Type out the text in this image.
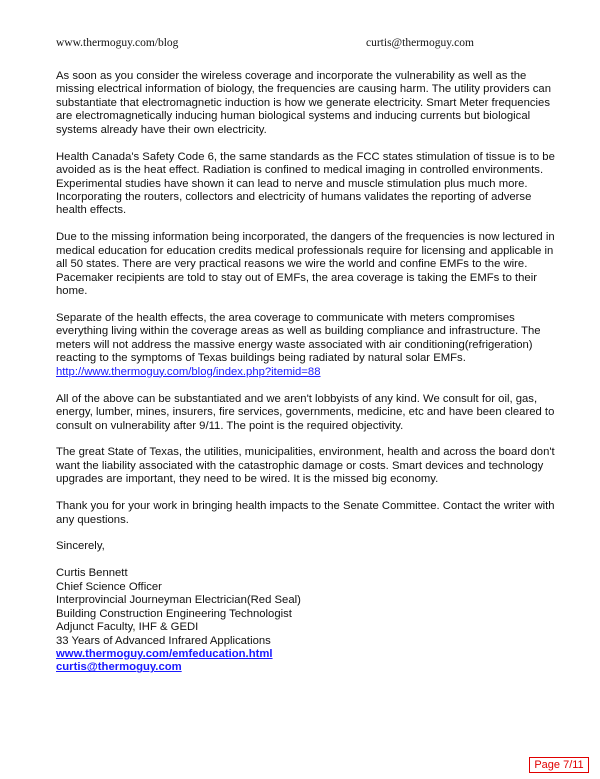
www.thermoguy.com/blog	curtis@thermoguy.com

As soon as you consider the wireless coverage and incorporate the vulnerability as well as the missing electrical information of biology, the frequencies are causing harm. The utility providers can substantiate that electromagnetic induction is how we generate electricity. Smart Meter frequencies are electromagnetically inducing human biological systems and inducing currents but biological systems already have their own electricity.

Health Canada's Safety Code 6, the same standards as the FCC states stimulation of tissue is to be avoided as is the heat effect. Radiation is confined to medical imaging in controlled environments. Experimental studies have shown it can lead to nerve and muscle stimulation plus much more. Incorporating the routers, collectors and electricity of humans validates the reporting of adverse health effects.

Due to the missing information being incorporated, the dangers of the frequencies is now lectured in medical education for education credits medical professionals require for licensing and applicable in all 50 states. There are very practical reasons we wire the world and confine EMFs to the wire. Pacemaker recipients are told to stay out of EMFs, the area coverage is taking the EMFs to their home.

Separate of the health effects, the area coverage to communicate with meters compromises everything living within the coverage areas as well as building compliance and infrastructure. The meters will not address the massive energy waste associated with air conditioning(refrigeration) reacting to the symptoms of Texas buildings being radiated by natural solar EMFs. http://www.thermoguy.com/blog/index.php?itemid=88

All of the above can be substantiated and we aren't lobbyists of any kind. We consult for oil, gas, energy, lumber, mines, insurers, fire services, governments, medicine, etc and have been cleared to consult on vulnerability after 9/11. The point is the required objectivity.

The great State of Texas, the utilities, municipalities, environment, health and across the board don't want the liability associated with the catastrophic damage or costs. Smart devices and technology upgrades are important, they need to be wired. It is the missed big economy.

Thank you for your work in bringing health impacts to the Senate Committee. Contact the writer with any questions.

Sincerely,

Curtis Bennett
Chief Science Officer
Interprovincial Journeyman Electrician(Red Seal)
Building Construction Engineering Technologist
Adjunct Faculty, IHF & GEDI
33 Years of Advanced Infrared Applications
www.thermoguy.com/emfeducation.html
curtis@thermoguy.com
Page 7/11
